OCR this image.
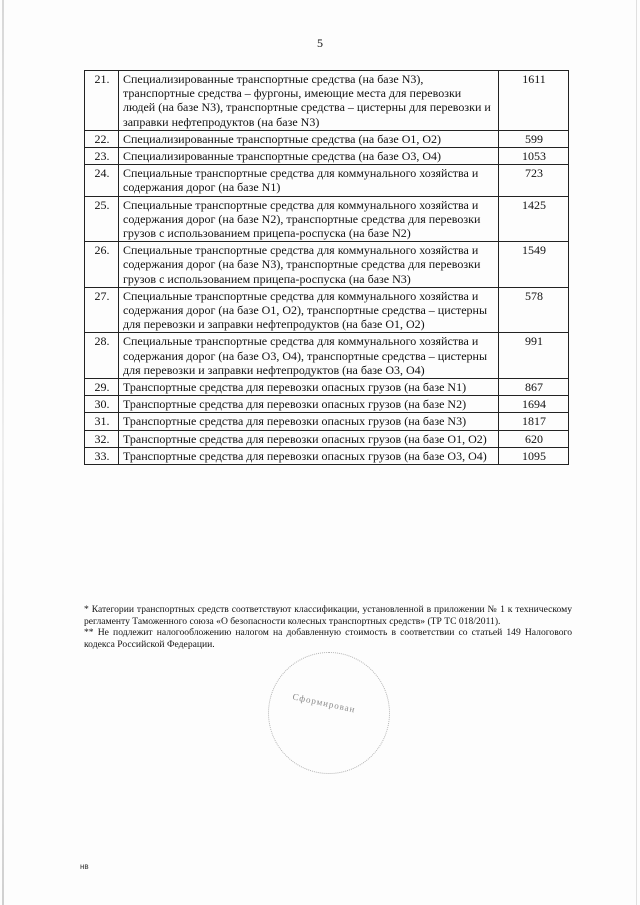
5
21.	Специализированные транспортные средства (на базе N3), транспортные средства – фургоны, имеющие места для перевозки людей (на базе N3), транспортные средства – цистерны для перевозки и заправки нефтепродуктов (на базе N3)	1611
22.	Специализированные транспортные средства (на базе О1, О2)	599
23.	Специализированные транспортные средства (на базе О3, О4)	1053
24.	Специальные транспортные средства для коммунального хозяйства и содержания дорог (на базе N1)	723
25.	Специальные транспортные средства для коммунального хозяйства и содержания дорог (на базе N2), транспортные средства для перевозки грузов с использованием прицепа-роспуска (на базе N2)	1425
26.	Специальные транспортные средства для коммунального хозяйства и содержания дорог (на базе N3), транспортные средства для перевозки грузов с использованием прицепа-роспуска (на базе N3)	1549
27.	Специальные транспортные средства для коммунального хозяйства и содержания дорог (на базе О1, О2), транспортные средства – цистерны для перевозки и заправки нефтепродуктов (на базе О1, О2)	578
28.	Специальные транспортные средства для коммунального хозяйства и содержания дорог (на базе О3, О4), транспортные средства – цистерны для перевозки и заправки нефтепродуктов (на базе О3, О4)	991
29.	Транспортные средства для перевозки опасных грузов (на базе N1)	867
30.	Транспортные средства для перевозки опасных грузов (на базе N2)	1694
31.	Транспортные средства для перевозки опасных грузов (на базе N3)	1817
32.	Транспортные средства для перевозки опасных грузов (на базе О1, О2)	620
33.	Транспортные средства для перевозки опасных грузов (на базе О3, О4)	1095

* Категории транспортных средств соответствуют классификации, установленной в приложении № 1 к техническому регламенту Таможенного союза «О безопасности колесных транспортных средств» (ТР ТС 018/2011).

** Не подлежит налогообложению налогом на добавленную стоимость в соответствии со статьей 149 Налогового кодекса Российской Федерации.

Сформирован
нв
